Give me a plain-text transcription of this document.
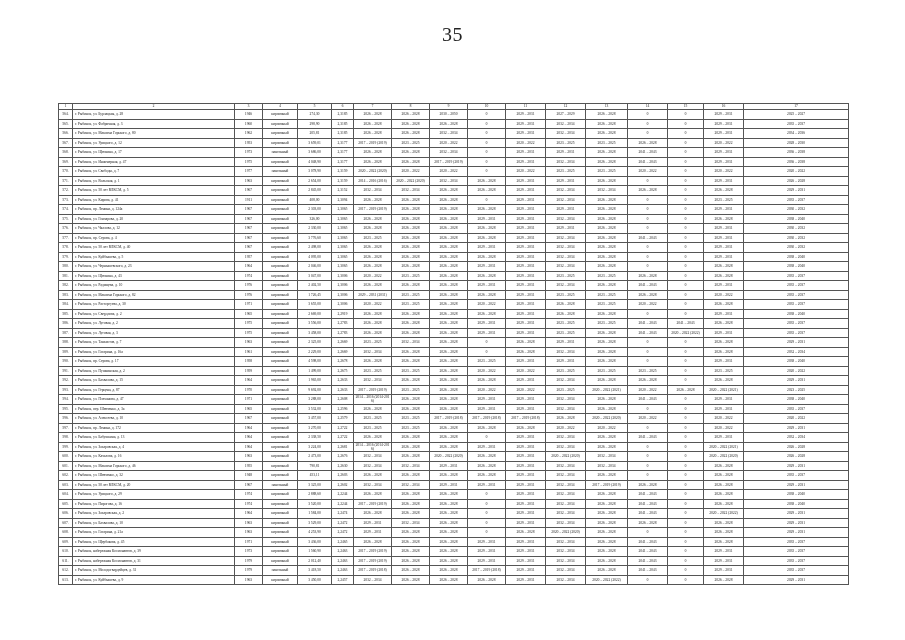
35
1	2	3	4	5	6	7	8	9	10	11	12	13	14	15	16	17
564.	г. Рыбинск, ул. Бурлацкая, д. 28	1946	кирпичный	274,30	2,3185	2026 – 2028	2026 – 2028	2030 – 2050	0	2029 – 2031	2027 – 2029	2026 – 2028	0	0	2029 – 2031	2025 – 2027
565.	г. Рыбинск, ул. Фабричная, д. 3	1960	кирпичный	298,90	2,3185	2026 – 2028	2026 – 2028	2026 – 2028	0	2029 – 2031	2032 – 2034	2026 – 2028	0	0	2029 – 2031	2035 – 2037
566.	г. Рыбинск, ул. Максима Горького, д. 80	1962	кирпичный	205,81	2,3185	2026 – 2028	2026 – 2028	2032 – 2034	0	2029 – 2031	2032 – 2034	2026 – 2028	0	0	2029 – 2031	2034 – 2036
567.	г. Рыбинск, ул. Урицкого, д. 12	1953	кирпичный	3 659,01	2,3177	2017 – 2019 (2019)	2023 – 2025	2020 – 2022	0	2020 – 2022	2023 – 2025	2023 – 2025	2026 – 2028	0	2020 – 2022	2028 – 2030
568.	г. Рыбинск, ул. Щепкина, д. 17	1973	панельный	3 686,00	2,3177	2026 – 2028	2026 – 2028	2032 – 2034	0	2029 – 2031	2029 – 2031	2026 – 2028	2041 – 2043	0	2029 – 2031	2036 – 2038
569.	г. Рыбинск, ул. Инженерная, д. 47	1975	кирпичный	4 048,90	2,3177	2026 – 2028	2026 – 2028	2017 – 2019 (2019)	0	2029 – 2031	2032 – 2034	2026 – 2028	2041 – 2043	0	2029 – 2031	2036 – 2038
570.	г. Рыбинск, ул. Свободы, д. 7	1977	панельный	3 078,90	2,3159	2020 – 2022 (2020)	2020 – 2022	2020 – 2022	0	2020 – 2022	2023 – 2025	2023 – 2025	2020 – 2022	0	2020 – 2022	2020 – 2022
571.	г. Рыбинск, ул. Вольская, д. 1	1963	кирпичный	2 654,00	2,3159	2014 – 2016 (2016)	2020 – 2022 (2020)	2032 – 2034	2026 – 2028	2029 – 2031	2029 – 2031	2026 – 2028	0	0	2029 – 2031	2026 – 2028
572.	г. Рыбинск, ул. 50 лет ВЛКСМ, д. 5	1967	кирпичный	2 845,00	2,3152	2032 – 2034	2032 – 2034	2026 – 2028	2026 – 2028	2029 – 2031	2032 – 2034	2032 – 2034	2026 – 2028	0	2026 – 2028	2029 – 2031
573.	г. Рыбинск, ул. Кирова, д. 41	1911	кирпичный	408,00	2,3094	2026 – 2028	2026 – 2028	2026 – 2028	0	2029 – 2031	2032 – 2034	2026 – 2028	0	0	2023 – 2025	2035 – 2037
574.	г. Рыбинск, пр. Ленина, д. 124а	1967	кирпичный	2 303,00	2,3065	2017 – 2019 (2019)	2026 – 2028	2026 – 2028	2026 – 2028	2029 – 2031	2029 – 2031	2026 – 2028	0	0	2029 – 2031	2030 – 2032
575.	г. Рыбинск, ул. Гончарова, д. 20	1967	кирпичный	326,00	2,3065	2026 – 2028	2026 – 2028	2026 – 2028	2029 – 2031	2029 – 2031	2032 – 2034	2026 – 2028	0	0	2026 – 2028	2038 – 2040
576.	г. Рыбинск, ул. Чкалова, д. 12	1967	кирпичный	2 330,00	2,3065	2026 – 2028	2026 – 2028	2026 – 2028	2026 – 2028	2029 – 2031	2029 – 2031	2026 – 2028	0	0	2029 – 2031	2030 – 2032
577.	г. Рыбинск, пр. Серова, д. 4	1967	кирпичный	3 776,60	2,3065	2023 – 2025	2026 – 2028	2026 – 2028	2026 – 2028	2029 – 2031	2032 – 2034	2026 – 2028	2041 – 2043	0	2029 – 2031	2030 – 2032
578.	г. Рыбинск, ул. 50 лет ВЛКСМ, д. 40	1967	кирпичный	2 498,00	2,3065	2026 – 2028	2026 – 2028	2026 – 2028	2029 – 2031	2029 – 2031	2032 – 2034	2026 – 2028	0	0	2029 – 2031	2030 – 2032
579.	г. Рыбинск, ул. Куйбышева, д. 5	1957	кирпичный	4 095,00	2,3065	2026 – 2028	2026 – 2028	2026 – 2028	2026 – 2028	2029 – 2031	2032 – 2034	2026 – 2028	0	0	2029 – 2031	2038 – 2040
580.	г. Рыбинск, ул. Чернышевского, д. 23	1964	кирпичный	2 046,00	2,3065	2026 – 2028	2026 – 2028	2026 – 2028	2029 – 2031	2029 – 2031	2032 – 2034	2026 – 2028	0	0	2026 – 2028	2038 – 2040
581.	г. Рыбинск, ул. Щепкина, д. 43	1974	кирпичный	3 047,00	2,3006	2020 – 2022	2023 – 2025	2026 – 2028	2026 – 2028	2029 – 2031	2023 – 2025	2023 – 2025	2026 – 2028	0	2026 – 2028	2035 – 2037
582.	г. Рыбинск, ул. Радищева, д. 10	1976	кирпичный	2 402,50	2,3006	2026 – 2028	2026 – 2028	2026 – 2028	2029 – 2031	2029 – 2031	2032 – 2034	2026 – 2028	2041 – 2043	0	2029 – 2031	2035 – 2037
583.	г. Рыбинск, ул. Максима Горького, д. 82	1976	кирпичный	1 726,45	2,3006	2029 – 2031 (2031)	2023 – 2025	2026 – 2028	2026 – 2028	2029 – 2031	2023 – 2025	2023 – 2025	2026 – 2028	0	2020 – 2022	2035 – 2037
584.	г. Рыбинск, ул. Расторгуева, д. 30	1971	кирпичный	3 655,00	2,3006	2020 – 2022	2023 – 2025	2026 – 2028	2020 – 2022	2029 – 2031	2026 – 2028	2023 – 2025	2020 – 2022	0	2026 – 2028	2035 – 2037
585.	г. Рыбинск, ул. Свердлова, д. 2	1965	кирпичный	2 669,00	2,2919	2026 – 2028	2026 – 2028	2026 – 2028	2026 – 2028	2029 – 2031	2026 – 2028	2026 – 2028	0	0	2029 – 2031	2038 – 2040
586.	г. Рыбинск, ул. Луговая, д. 2	1975	кирпичный	3 556,00	2,2783	2026 – 2028	2026 – 2028	2026 – 2028	2029 – 2031	2029 – 2031	2023 – 2025	2023 – 2025	2041 – 2043	2041 – 2043	2026 – 2028	2035 – 2037
587.	г. Рыбинск, ул. Луговая, д. 3	1975	кирпичный	3 458,00	2,2783	2026 – 2028	2026 – 2028	2026 – 2028	2029 – 2031	2029 – 2031	2023 – 2025	2026 – 2028	2041 – 2043	2020 – 2022 (2022)	2029 – 2031	2035 – 2037
588.	г. Рыбинск, ул. Танкистов, д. 7	1963	кирпичный	2 325,00	2,2669	2023 – 2025	2032 – 2034	2026 – 2028	0	2026 – 2028	2029 – 2031	2026 – 2028	0	0	2026 – 2028	2029 – 2031
589.	г. Рыбинск, ул. Гагарина, д. 16а	1961	кирпичный	2 229,00	2,2669	2032 – 2034	2026 – 2028	2026 – 2028	0	2026 – 2028	2032 – 2034	2026 – 2028	0	0	2026 – 2028	2032 – 2034
590.	г. Рыбинск, пр. Серова, д. 17	1958	кирпичный	4 598,00	2,2678	2026 – 2028	2026 – 2028	2026 – 2028	2023 – 2025	2029 – 2031	2029 – 2031	2026 – 2028	0	0	2029 – 2031	2038 – 2040
591.	г. Рыбинск, ул. Пушкинская, д. 2	1959	кирпичный	1 499,00	2,2675	2023 – 2025	2023 – 2025	2026 – 2028	2020 – 2022	2020 – 2022	2023 – 2025	2023 – 2025	2023 – 2025	0	2023 – 2025	2020 – 2022
592.	г. Рыбинск, ул. Бахвалова, д. 15	1964	кирпичный	1 965,00	2,2633	2032 – 2034	2026 – 2028	2026 – 2028	2026 – 2028	2029 – 2031	2032 – 2034	2026 – 2028	2026 – 2028	0	2026 – 2028	2029 – 2031
593.	г. Рыбинск, ул. Герцена, д. 87	1970	кирпичный	9 692,00	2,2633	2017 – 2019 (2019)	2023 – 2025	2026 – 2028	2020 – 2022	2020 – 2022	2023 – 2025	2020 – 2022 (2021)	2020 – 2022	2026 – 2028	2020 – 2022 (2021)	2023 – 2025
594.	г. Рыбинск, ул. Плеханова, д. 47	1971	кирпичный	3 288,00	2,2608	2014 – 2016 (2014-2016)	2026 – 2028	2026 – 2028	2029 – 2031	2029 – 2031	2032 – 2034	2026 – 2028	2041 – 2043	0	2029 – 2031	2038 – 2040
595.	г. Рыбинск, пер. Шевченко, д. 3а	1965	кирпичный	3 532,00	2,2596	2026 – 2028	2026 – 2028	2026 – 2028	2029 – 2031	2029 – 2031	2032 – 2034	2026 – 2028	0	0	2029 – 2031	2035 – 2037
596.	г. Рыбинск, ул. Алексеева, д. 10	1967	кирпичный	3 457,00	2,2579	2023 – 2025	2023 – 2025	2017 – 2019 (2018)	2017 – 2019 (2018)	2017 – 2019 (2018)	2026 – 2028	2020 – 2022 (2020)	2020 – 2022	0	2020 – 2022	2020 – 2022
597.	г. Рыбинск, пр. Ленина, д. 172	1964	кирпичный	3 270,00	2,2722	2023 – 2025	2023 – 2025	2026 – 2028	2026 – 2028	2026 – 2028	2020 – 2022	2020 – 2022	0	0	2020 – 2022	2029 – 2031
598.	г. Рыбинск, ул. Бабушкина, д. 13	1964	кирпичный	2 338,50	2,2722	2026 – 2028	2026 – 2028	2026 – 2028	0	2029 – 2031	2032 – 2034	2026 – 2028	2041 – 2043	0	2029 – 2031	2032 – 2034
599.	г. Рыбинск, ул. Захаровская, д. 4	1964	кирпичный	3 224,00	2,2681	2014 – 2016 (2014-2016)	2026 – 2028	2026 – 2028	2029 – 2031	2029 – 2031	2032 – 2034	2026 – 2028	0	0	2020 – 2022 (2021)	2026 – 2028
600.	г. Рыбинск, ул. Качалова, д. 16	1963	кирпичный	2 473,00	2,2676	2032 – 2034	2026 – 2028	2020 – 2022 (2020)	2026 – 2028	2029 – 2031	2020 – 2022 (2020)	2032 – 2034	0	0	2020 – 2022 (2020)	2026 – 2028
601.	г. Рыбинск, ул. Максима Горького, д. 46	1955	кирпичный	790,81	2,2630	2032 – 2034	2032 – 2034	2029 – 2031	2026 – 2028	2029 – 2031	2032 – 2034	2032 – 2034	0	0	2026 – 2028	2029 – 2031
602.	г. Рыбинск, ул. Шевченко, д. 32	1948	кирпичный	453,11	2,2603	2026 – 2028	2026 – 2028	2026 – 2028	2026 – 2028	2029 – 2031	2032 – 2034	2026 – 2028	0	0	2026 – 2028	2035 – 2037
603.	г. Рыбинск, ул. 50 лет ВЛКСМ, д. 20	1967	панельный	3 325,00	2,2602	2032 – 2034	2032 – 2034	2029 – 2031	2029 – 2031	2029 – 2031	2032 – 2034	2017 – 2019 (2019)	2026 – 2028	0	2026 – 2028	2029 – 2031
604.	г. Рыбинск, ул. Урицкого, д. 29	1974	кирпичный	2 888,60	2,2244	2026 – 2028	2026 – 2028	2026 – 2028	0	2029 – 2031	2032 – 2034	2026 – 2028	2041 – 2043	0	2026 – 2028	2038 – 2040
605.	г. Рыбинск, ул. Пирогова, д. 16	1974	кирпичный	3 520,00	2,2244	2017 – 2019 (2019)	2026 – 2028	2026 – 2028	0	2029 – 2031	2032 – 2034	2026 – 2028	2041 – 2043	0	2026 – 2028	2038 – 2040
606.	г. Рыбинск, ул. Захаровская, д. 2	1964	кирпичный	1 584,00	2,2474	2026 – 2028	2026 – 2028	2026 – 2028	0	2029 – 2031	2032 – 2034	2026 – 2028	2041 – 2043	0	2020 – 2022 (2022)	2029 – 2031
607.	г. Рыбинск, ул. Бахвалова, д. 10	1963	кирпичный	3 529,00	2,2472	2029 – 2031	2032 – 2034	2026 – 2028	0	2029 – 2031	2032 – 2034	2026 – 2028	2026 – 2028	0	2026 – 2028	2029 – 2031
608.	г. Рыбинск, ул. Гагарина, д. 21а	1963	кирпичный	4 253,90	2,2472	2029 – 2031	2026 – 2028	2026 – 2028	0	2026 – 2028	2020 – 2022 (2020)	2026 – 2028	0	0	2026 – 2028	2029 – 2031
609.	г. Рыбинск, ул. Щербакова, д. 45	1971	кирпичный	3 436,00	2,2465	2026 – 2028	2026 – 2028	2026 – 2028	2029 – 2031	2029 – 2031	2032 – 2034	2026 – 2028	2041 – 2043	0	2026 – 2028	2035 – 2037
610.	г. Рыбинск, набережная Космонавтов, д. 39	1973	кирпичный	1 560,90	2,2463	2017 – 2019 (2019)	2026 – 2028	2026 – 2028	2029 – 2031	2029 – 2031	2032 – 2034	2026 – 2028	2041 – 2043	0	2029 – 2031	2035 – 2037
611.	г. Рыбинск, набережная Космонавтов, д. 31	1979	кирпичный	2 012,40	2,2463	2017 – 2019 (2019)	2026 – 2028	2026 – 2028	2029 – 2031	2029 – 2031	2032 – 2034	2026 – 2028	2041 – 2043	0	2029 – 2031	2035 – 2037
612.	г. Рыбинск, ул. Молодогвардейцев, д. 31	1979	панельный	3 418,50	2,2463	2017 – 2019 (2018)	2026 – 2028	2026 – 2028	2017 – 2019 (2018)	2029 – 2031	2032 – 2034	2026 – 2028	2041 – 2043	0	2029 – 2031	2035 – 2037
613.	г. Рыбинск, ул. Куйбышева, д. 9	1963	кирпичный	3 450,00	2,2457	2032 – 2034	2026 – 2028	2026 – 2028	2026 – 2028	2029 – 2031	2032 – 2034	2020 – 2022 (2022)	0	0	2026 – 2028	2029 – 2031
